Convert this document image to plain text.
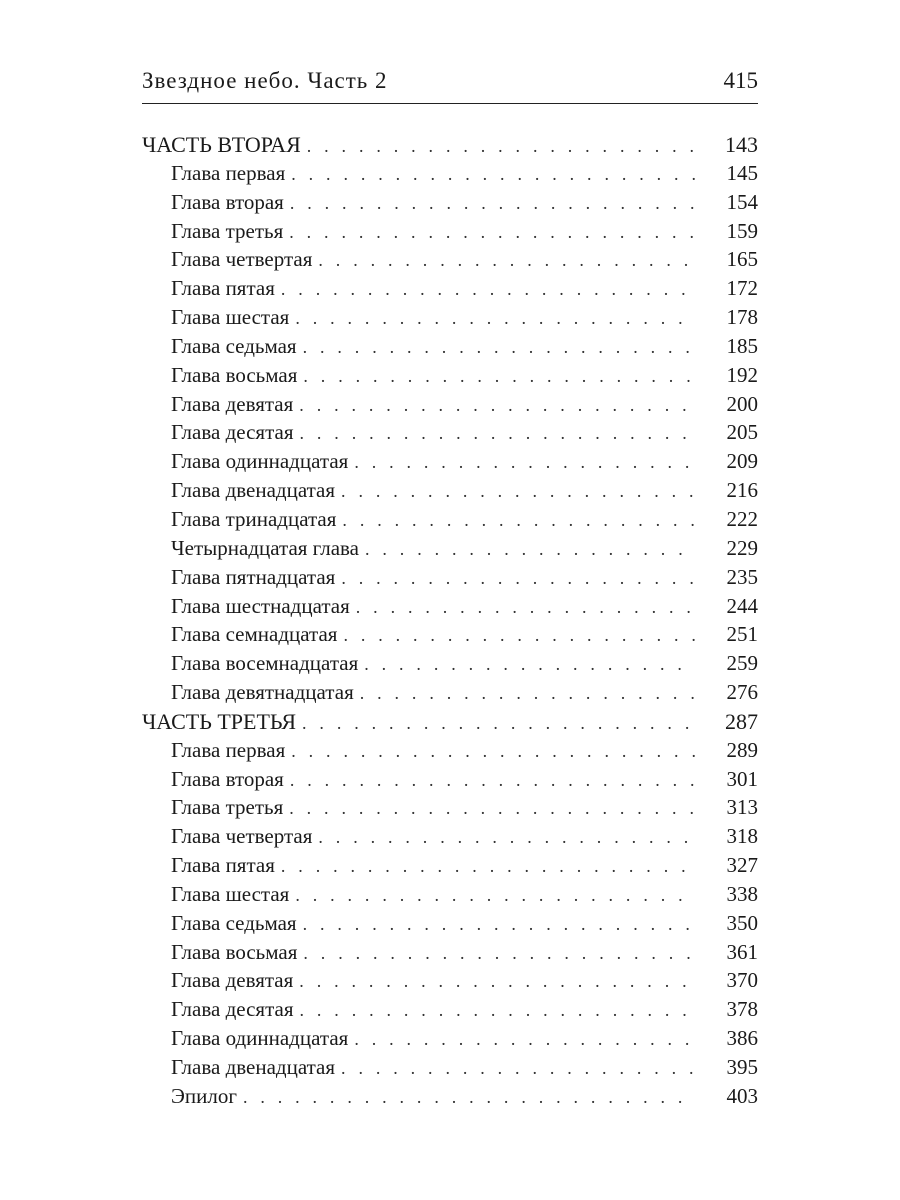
Звездное небо. Часть 2	415
ЧАСТЬ ВТОРАЯ . . .	143
Глава первая . . .	145
Глава вторая . . .	154
Глава третья . . .	159
Глава четвертая . . .	165
Глава пятая . . .	172
Глава шестая . . .	178
Глава седьмая . . .	185
Глава восьмая . . .	192
Глава девятая . . .	200
Глава десятая . . .	205
Глава одиннадцатая . . .	209
Глава двенадцатая . . .	216
Глава тринадцатая . . .	222
Четырнадцатая глава . . .	229
Глава пятнадцатая . . .	235
Глава шестнадцатая . . .	244
Глава семнадцатая . . .	251
Глава восемнадцатая . . .	259
Глава девятнадцатая . . .	276
ЧАСТЬ ТРЕТЬЯ . . .	287
Глава первая . . .	289
Глава вторая . . .	301
Глава третья . . .	313
Глава четвертая . . .	318
Глава пятая . . .	327
Глава шестая . . .	338
Глава седьмая . . .	350
Глава восьмая . . .	361
Глава девятая . . .	370
Глава десятая . . .	378
Глава одиннадцатая . . .	386
Глава двенадцатая . . .	395
Эпилог . . .	403
